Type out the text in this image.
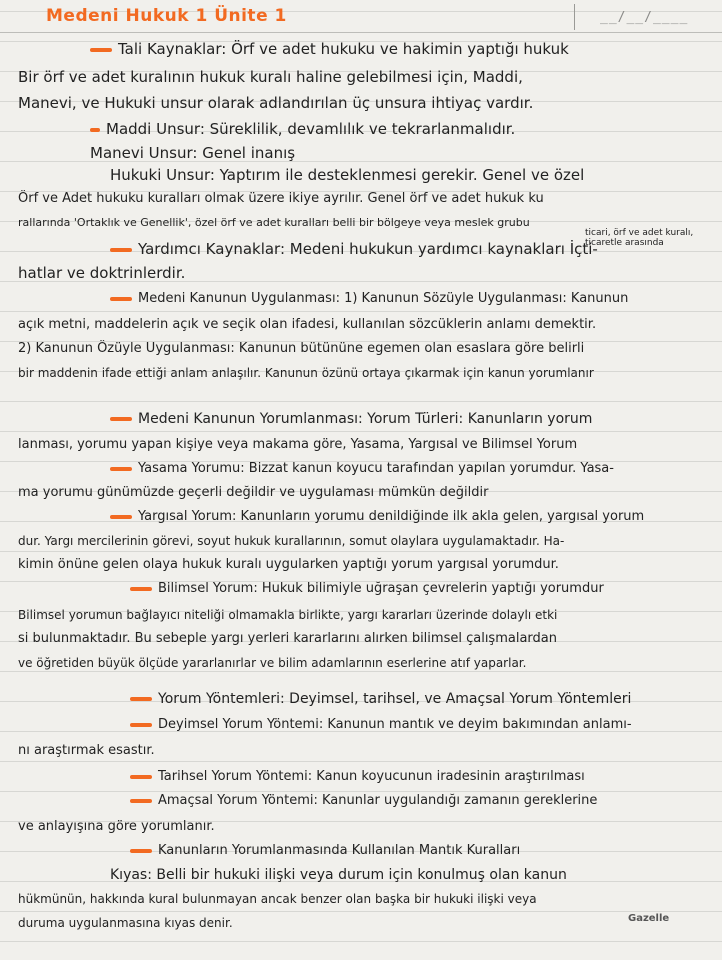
Medeni Hukuk 1 Ünite 1	__/__/____
Tali Kaynaklar: Örf ve adet hukuku ve hakimin yaptığı hukuk
Bir örf ve adet kuralının hukuk kuralı haline gelebilmesi için, Maddi,
Manevi, ve Hukuki unsur olarak adlandırılan üç unsura ihtiyaç vardır.
Maddi Unsur: Süreklilik, devamlılık ve tekrarlanmalıdır.
Manevi Unsur: Genel inanış
Hukuki Unsur: Yaptırım ile desteklenmesi gerekir. Genel ve özel
Örf ve Adet hukuku kuralları olmak üzere ikiye ayrılır. Genel örf ve adet hukuk ku
rallarında 'Ortaklık ve Genellik', özel örf ve adet kuralları belli bir bölgeye veya meslek grubu
ticari, örf ve adet kuralı, ticaretle arasında
Yardımcı Kaynaklar: Medeni hukukun yardımcı kaynakları İçti-
hatlar ve doktrinlerdir.
Medeni Kanunun Uygulanması: 1) Kanunun Sözüyle Uygulanması: Kanunun
açık metni, maddelerin açık ve seçik olan ifadesi, kullanılan sözcüklerin anlamı demektir.
2) Kanunun Özüyle Uygulanması: Kanunun bütününe egemen olan esaslara göre belirli
bir maddenin ifade ettiği anlam anlaşılır. Kanunun özünü ortaya çıkarmak için kanun yorumlanır
Medeni Kanunun Yorumlanması: Yorum Türleri: Kanunların yorum
lanması, yorumu yapan kişiye veya makama göre, Yasama, Yargısal ve Bilimsel Yorum
Yasama Yorumu: Bizzat kanun koyucu tarafından yapılan yorumdur. Yasa-
ma yorumu günümüzde geçerli değildir ve uygulaması mümkün değildir
Yargısal Yorum: Kanunların yorumu denildiğinde ilk akla gelen, yargısal yorum
dur. Yargı mercilerinin görevi, soyut hukuk kurallarının, somut olaylara uygulamaktadır. Ha-
kimin önüne gelen olaya hukuk kuralı uygularken yaptığı yorum yargısal yorumdur.
Bilimsel Yorum: Hukuk bilimiyle uğraşan çevrelerin yaptığı yorumdur
Bilimsel yorumun bağlayıcı niteliği olmamakla birlikte, yargı kararları üzerinde dolaylı etki
si bulunmaktadır. Bu sebeple yargı yerleri kararlarını alırken bilimsel çalışmalardan
ve öğretiden büyük ölçüde yararlanırlar ve bilim adamlarının eserlerine atıf yaparlar.
Yorum Yöntemleri: Deyimsel, tarihsel, ve Amaçsal Yorum Yöntemleri
Deyimsel Yorum Yöntemi: Kanunun mantık ve deyim bakımından anlamı-
nı araştırmak esastır.
Tarihsel Yorum Yöntemi: Kanun koyucunun iradesinin araştırılması
Amaçsal Yorum Yöntemi: Kanunlar uygulandığı zamanın gereklerine
ve anlayışına göre yorumlanır.
Kanunların Yorumlanmasında Kullanılan Mantık Kuralları
Kıyas: Belli bir hukuki ilişki veya durum için konulmuş olan kanun
hükmünün, hakkında kural bulunmayan ancak benzer olan başka bir hukuki ilişki veya
duruma uygulanmasına kıyas denir.	Gazelle
